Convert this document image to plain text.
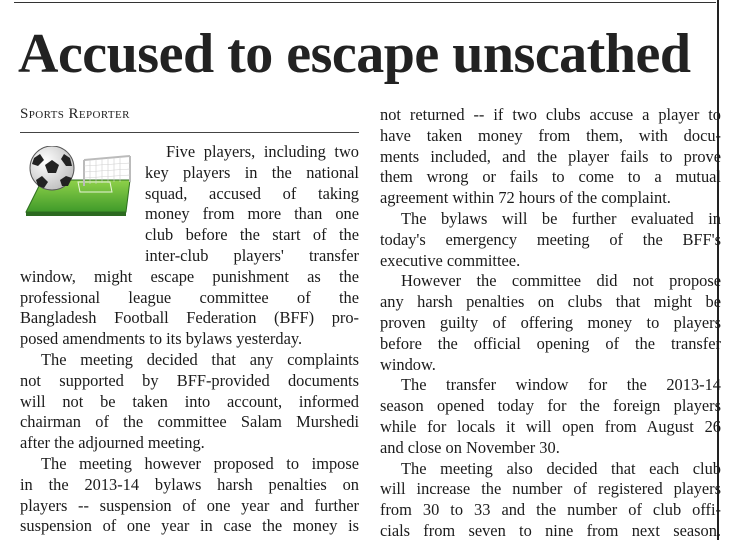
Accused to escape unscathed
Sports Reporter

Five players, including two

key players in the national

squad, accused of taking

money from more than one

club before the start of the

inter-club players' transfer

window, might escape punishment as the

professional league committee of the

Bangladesh Football Federation (BFF) pro-

posed amendments to its bylaws yesterday.

The meeting decided that any complaints

not supported by BFF-provided documents

will not be taken into account, informed

chairman of the committee Salam Murshedi

after the adjourned meeting.

The meeting however proposed to impose

in the 2013-14 bylaws harsh penalties on

players -- suspension of one year and further

suspension of one year in case the money is

not returned -- if two clubs accuse a player to

have taken money from them, with docu-

ments included, and the player fails to prove

them wrong or fails to come to a mutual

agreement within 72 hours of the complaint.

The bylaws will be further evaluated in

today's emergency meeting of the BFF's

executive committee.

However the committee did not propose

any harsh penalties on clubs that might be

proven guilty of offering money to players

before the official opening of the transfer

window.

The transfer window for the 2013-14

season opened today for the foreign players

while for locals it will open from August 26

and close on November 30.

The meeting also decided that each club

will increase the number of registered players

from 30 to 33 and the number of club offi-

cials from seven to nine from next season.
